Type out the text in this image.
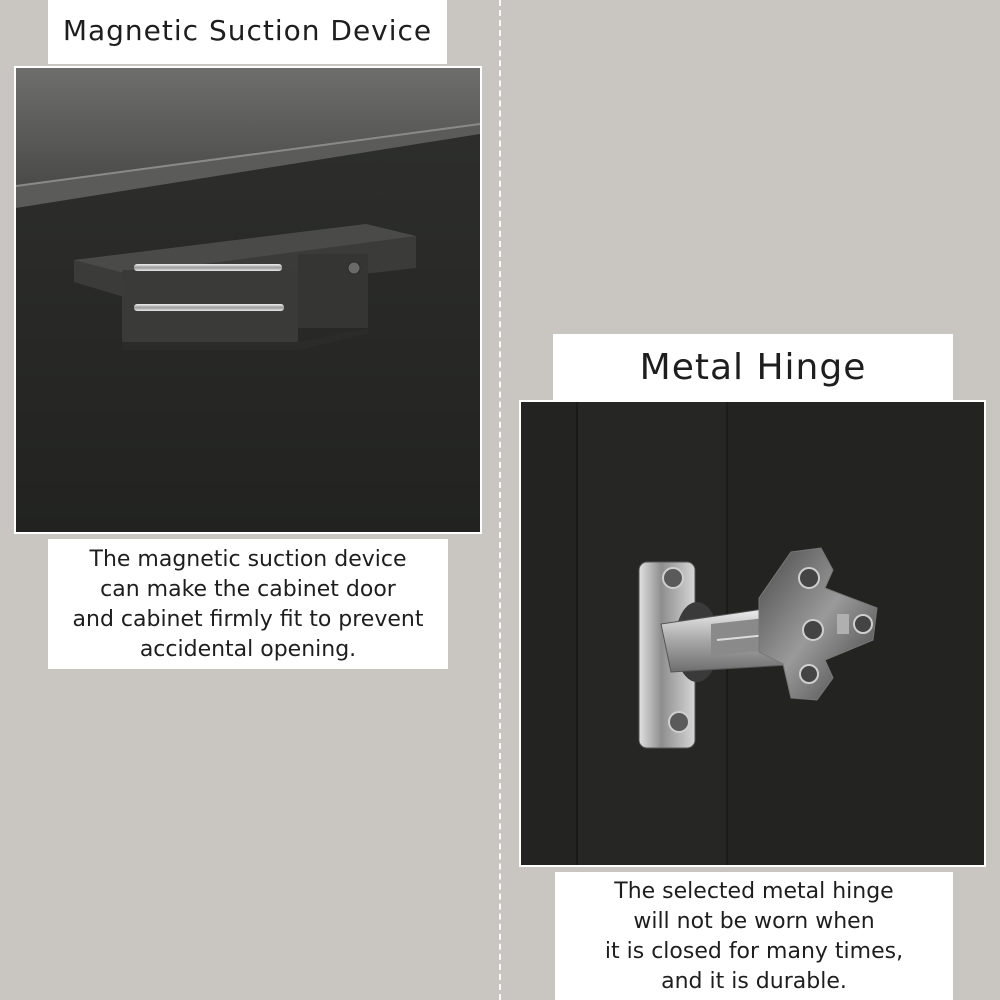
Magnetic Suction Device
The magnetic suction device
can make the cabinet door
and cabinet firmly fit to prevent
accidental opening.
Metal Hinge
The selected metal hinge
will not be worn when
it is closed for many times,
and it is durable.
